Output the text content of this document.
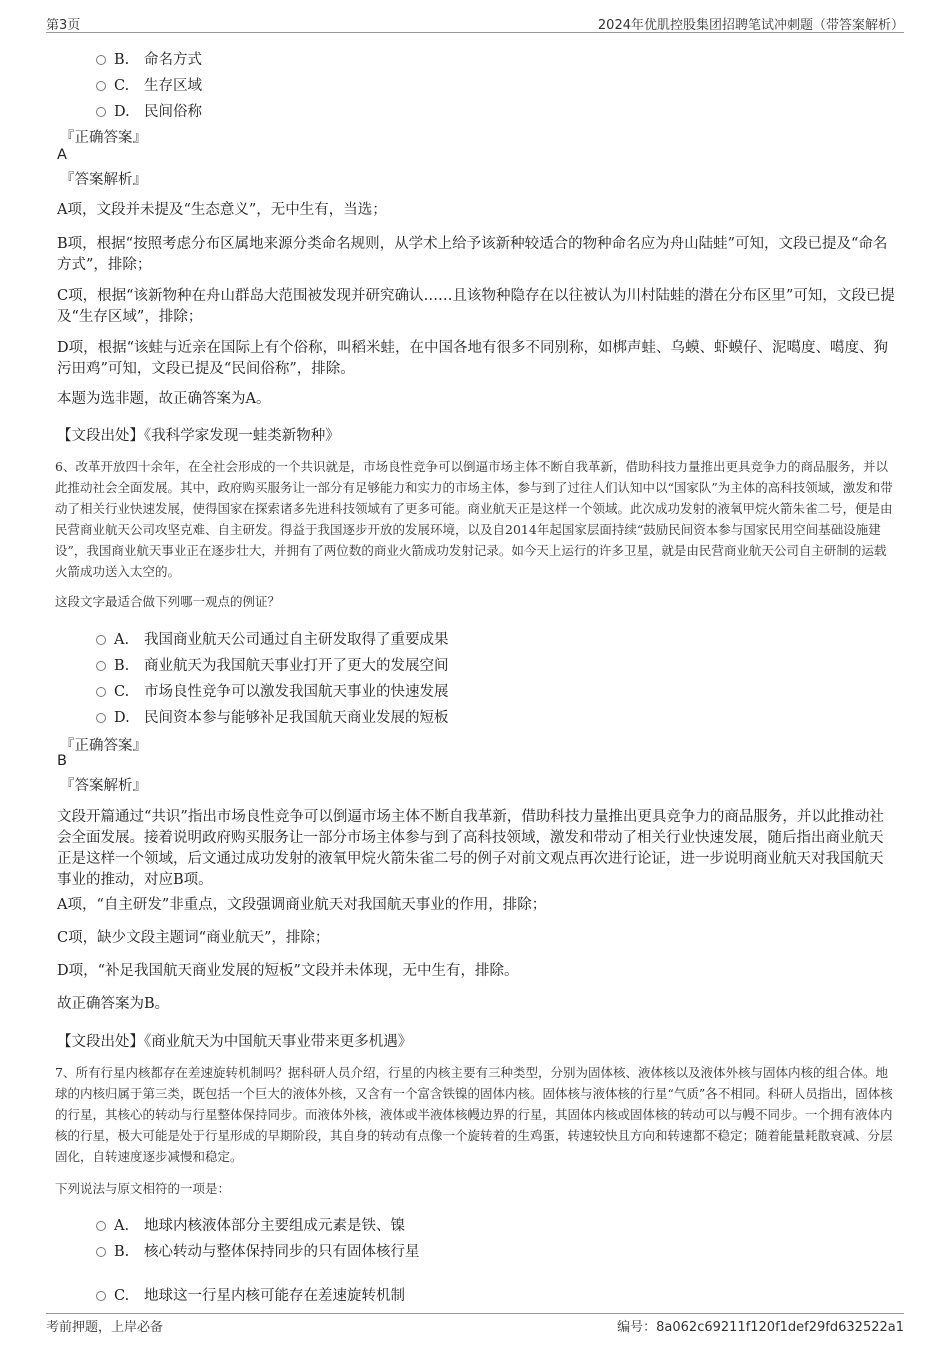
第3页	2024年优肌控股集团招聘笔试冲刺题（带答案解析）
B. 命名方式
C. 生存区域
D. 民间俗称
『正确答案』
A
『答案解析』
A项，文段并未提及“生态意义”，无中生有，当选；
B项，根据“按照考虑分布区属地来源分类命名规则，从学术上给予该新种较适合的物种命名应为舟山陆蛙”可知，文段已提及“命名方式”，排除；
C项，根据“该新物种在舟山群岛大范围被发现并研究确认……且该物种隐存在以往被认为川村陆蛙的潜在分布区里”可知，文段已提及“生存区域”，排除；
D项，根据“该蛙与近亲在国际上有个俗称，叫稻米蛙，在中国各地有很多不同别称，如梆声蛙、乌蟆、虾蟆仔、泥噶度、噶度、狗污田鸡”可知，文段已提及“民间俗称”，排除。
本题为选非题，故正确答案为A。
【文段出处】《我科学家发现一蛙类新物种》
6、改革开放四十余年，在全社会形成的一个共识就是，市场良性竞争可以倒逼市场主体不断自我革新，借助科技力量推出更具竞争力的商品服务，并以此推动社会全面发展。其中，政府购买服务让一部分有足够能力和实力的市场主体，参与到了过往人们认知中以“国家队”为主体的高科技领域，激发和带动了相关行业快速发展，使得国家在探索诸多先进科技领域有了更多可能。商业航天正是这样一个领域。此次成功发射的液氧甲烷火箭朱雀二号，便是由民营商业航天公司攻坚克难、自主研发。得益于我国逐步开放的发展环境，以及自2014年起国家层面持续“鼓励民间资本参与国家民用空间基础设施建设”，我国商业航天事业正在逐步壮大，并拥有了两位数的商业火箭成功发射记录。如今天上运行的许多卫星，就是由民营商业航天公司自主研制的运载火箭成功送入太空的。
这段文字最适合做下列哪一观点的例证？
A. 我国商业航天公司通过自主研发取得了重要成果
B. 商业航天为我国航天事业打开了更大的发展空间
C. 市场良性竞争可以激发我国航天事业的快速发展
D. 民间资本参与能够补足我国航天商业发展的短板
『正确答案』
B
『答案解析』
文段开篇通过“共识”指出市场良性竞争可以倒逼市场主体不断自我革新，借助科技力量推出更具竞争力的商品服务，并以此推动社会全面发展。接着说明政府购买服务让一部分市场主体参与到了高科技领域，激发和带动了相关行业快速发展，随后指出商业航天正是这样一个领域，后文通过成功发射的液氧甲烷火箭朱雀二号的例子对前文观点再次进行论证，进一步说明商业航天对我国航天事业的推动，对应B项。
A项，“自主研发”非重点，文段强调商业航天对我国航天事业的作用，排除；
C项，缺少文段主题词“商业航天”，排除；
D项，“补足我国航天商业发展的短板”文段并未体现，无中生有，排除。
故正确答案为B。
【文段出处】《商业航天为中国航天事业带来更多机遇》
7、所有行星内核都存在差速旋转机制吗？据科研人员介绍，行星的内核主要有三种类型，分别为固体核、液体核以及液体外核与固体内核的组合体。地球的内核归属于第三类，既包括一个巨大的液体外核，又含有一个富含铁镍的固体内核。固体核与液体核的行星“气质”各不相同。科研人员指出，固体核的行星，其核心的转动与行星整体保持同步。而液体外核，液体或半液体核幔边界的行星，其固体内核或固体核的转动可以与幔不同步。一个拥有液体内核的行星，极大可能是处于行星形成的早期阶段，其自身的转动有点像一个旋转着的生鸡蛋，转速较快且方向和转速都不稳定；随着能量耗散衰减、分层固化，自转速度逐步减慢和稳定。
下列说法与原文相符的一项是：
A. 地球内核液体部分主要组成元素是铁、镍
B. 核心转动与整体保持同步的只有固体核行星
C. 地球这一行星内核可能存在差速旋转机制
考前押题，上岸必备	编号：8a062c69211f120f1def29fd632522a1
